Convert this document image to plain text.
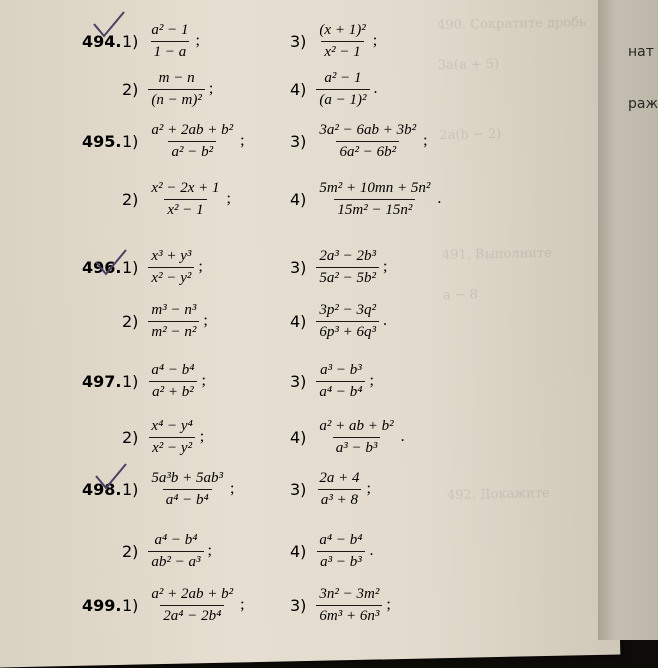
490. Сократите дробь
3a(a + 5)
2a(b − 2)
491. Выполните
a − 8
492. Докажите
нат
раж
494. $1) \frac{\text{a² − 1}}{1 - a}$ ;	$3) \frac{\text{(x + 1)²}}{\text{x² − 1}}$ ;
$2) \frac{m - n}{\text{(n − m)²}}$ ;	$4) \frac{\text{a² − 1}}{\text{(a − 1)²}}$ .
495. $1) \frac{\text{a² + 2ab + b²}}{\text{a² − b²}}$ ;	$3) \frac{\text{3a² − 6ab + 3b²}}{\text{6a² − 6b²}}$ ;
$2) \frac{\text{x² − 2x + 1}}{\text{x² − 1}}$ ;	$4) \frac{\text{5m² + 10mn + 5n²}}{\text{15m² − 15n²}}$ .
496. $1) \frac{\text{x³ + y³}}{\text{x² − y²}}$ ;	$3) \frac{\text{2a³ − 2b³}}{\text{5a² − 5b²}}$ ;
$2) \frac{\text{m³ − n³}}{\text{m² − n²}}$ ;	$4) \frac{\text{3p² − 3q²}}{\text{6p³ + 6q³}}$ .
497. $1) \frac{\text{a⁴ − b⁴}}{\text{a² + b²}}$ ;	$3) \frac{\text{a³ − b³}}{\text{a⁴ − b⁴}}$ ;
$2) \frac{\text{x⁴ − y⁴}}{\text{x² − y²}}$ ;	$4) \frac{\text{a² + ab + b²}}{\text{a³ − b³}}$ .
498. $1) \frac{\text{5a³b + 5ab³}}{\text{a⁴ − b⁴}}$ ;	$3) \frac{2a + 4}{\text{a³ + 8}}$ ;
$2) \frac{\text{a⁴ − b⁴}}{\text{ab² − a³}}$ ;	$4) \frac{\text{a⁴ − b⁴}}{\text{a³ − b³}}$ .
499. $1) \frac{\text{a² + 2ab + b²}}{\text{2a⁴ − 2b⁴}}$ ;	$3) \frac{\text{3n² − 3m²}}{\text{6m³ + 6n³}}$ ;
